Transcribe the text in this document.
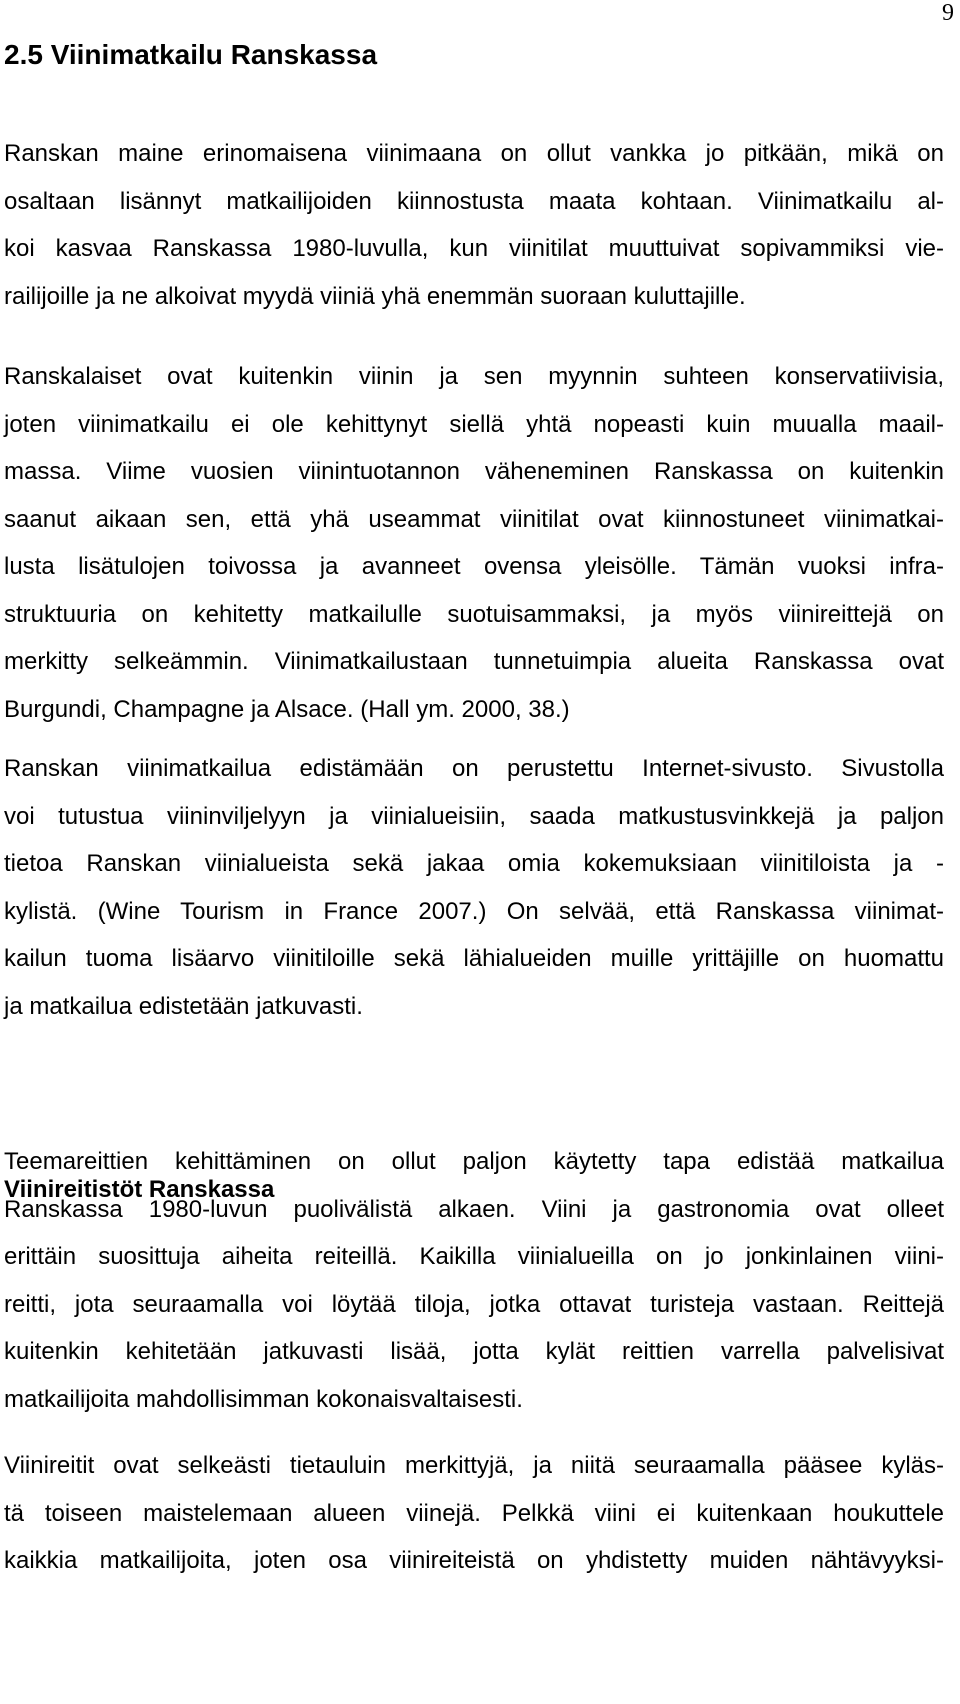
9
2.5 Viinimatkailu Ranskassa

Ranskan maine erinomaisena viinimaana on ollut vankka jo pitkään, mikä on
osaltaan lisännyt matkailijoiden kiinnostusta maata kohtaan. Viinimatkailu al-
koi kasvaa Ranskassa 1980-luvulla, kun viinitilat muuttuivat sopivammiksi vie-
railijoille ja ne alkoivat myydä viiniä yhä enemmän suoraan kuluttajille.

Ranskalaiset ovat kuitenkin viinin ja sen myynnin suhteen konservatiivisia,
joten viinimatkailu ei ole kehittynyt siellä yhtä nopeasti kuin muualla maail-
massa. Viime vuosien viinintuotannon väheneminen Ranskassa on kuitenkin
saanut aikaan sen, että yhä useammat viinitilat ovat kiinnostuneet viinimatkai-
lusta lisätulojen toivossa ja avanneet ovensa yleisölle. Tämän vuoksi infra-
struktuuria on kehitetty matkailulle suotuisammaksi, ja myös viinireittejä on
merkitty selkeämmin. Viinimatkailustaan tunnetuimpia alueita Ranskassa ovat
Burgundi, Champagne ja Alsace. (Hall ym. 2000, 38.)

Ranskan viinimatkailua edistämään on perustettu Internet-sivusto. Sivustolla
voi tutustua viininviljelyyn ja viinialueisiin, saada matkustusvinkkejä ja paljon
tietoa Ranskan viinialueista sekä jakaa omia kokemuksiaan viinitiloista ja -
kylistä. (Wine Tourism in France 2007.) On selvää, että Ranskassa viinimat-
kailun tuoma lisäarvo viinitiloille sekä lähialueiden muille yrittäjille on huomattu
ja matkailua edistetään jatkuvasti.

Viinireitistöt Ranskassa

Teemareittien kehittäminen on ollut paljon käytetty tapa edistää matkailua
Ranskassa 1980-luvun puolivälistä alkaen. Viini ja gastronomia ovat olleet
erittäin suosittuja aiheita reiteillä. Kaikilla viinialueilla on jo jonkinlainen viini-
reitti, jota seuraamalla voi löytää tiloja, jotka ottavat turisteja vastaan. Reittejä
kuitenkin kehitetään jatkuvasti lisää, jotta kylät reittien varrella palvelisivat
matkailijoita mahdollisimman kokonaisvaltaisesti.

Viinireitit ovat selkeästi tietauluin merkittyjä, ja niitä seuraamalla pääsee kyläs-
tä toiseen maistelemaan alueen viinejä. Pelkkä viini ei kuitenkaan houkuttele
kaikkia matkailijoita, joten osa viinireiteistä on yhdistetty muiden nähtävyyksi-
